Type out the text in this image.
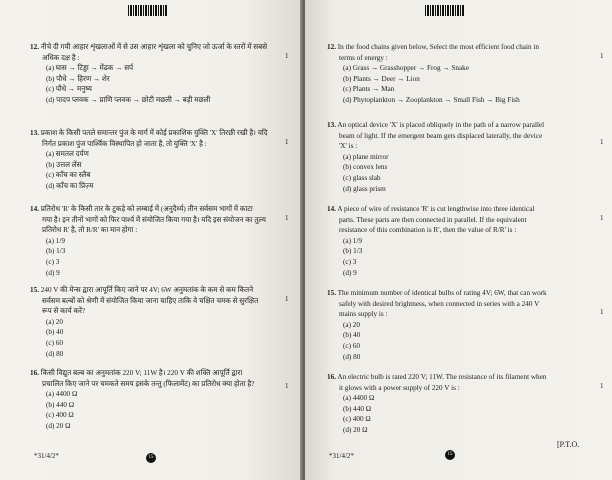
12. नीचे दी गयी आहार शृंखलाओं में से उस आहार शृंखला को चुनिए जो ऊर्जा के स्तरों में सबसे
अधिक दक्ष है :
(a) घास → टिड्डा → मेंढक → सर्प
(b) पौधे → हिरण → शेर
(c) पौधे → मनुष्य
(d) पादप प्लवक → प्राणि प्लवक → छोटी मछली → बड़ी मछली
1
13. प्रकाश के किसी पतले समान्तर पुंज के मार्ग में कोई प्रकाशिक युक्ति 'X' तिरछी रखी है। यदि
निर्गत प्रकाश पुंज पार्श्विक विस्थापित हो जाता है, तो युक्ति 'X' है :
(a) समतल दर्पण
(b) उत्तल लेंस
(c) काँच का स्लैब
(d) काँच का प्रिज़्म
1
14. प्रतिरोध 'R' के किसी तार के टुकड़े को लम्बाई में (अनुदैर्ध्य) तीन सर्वसम भागों में काटा
गया है। इन तीनों भागों को फिर पार्श्व में संयोजित किया गया है। यदि इस संयोजन का तुल्य
प्रतिरोध R' है, तो R/R' का मान होगा :
(a) 1/9
(b) 1/3
(c) 3
(d) 9
1
15. 240 V की मेन्स द्वारा आपूर्ति किए जाने पर 4V; 6W अनुमतांक के कम से कम कितने
सर्वसम बल्बों को श्रेणी में संयोजित किया जाना चाहिए ताकि वे चक्षित चमक से सुरक्षित
रूप से कार्य करें?
(a) 20
(b) 40
(c) 60
(d) 80
1
16. किसी विद्युत बल्ब का अनुमतांक 220 V; 11W है। 220 V की शक्ति आपूर्ति द्वारा
प्रचालित किए जाने पर चमकते समय इसके तन्तु (फिलामेंट) का प्रतिरोध क्या होता है?
(a) 4400 Ω
(b) 440 Ω
(c) 400 Ω
(d) 20 Ω
1
*31/4/2*	15
12. In the food chains given below, Select the most efficient food chain in
terms of energy :
(a) Grass → Grasshopper → Frog → Snake
(b) Plants → Deer → Lion
(c) Plants → Man
(d) Phytoplankton → Zooplankton → Small Fish → Big Fish
1
13. An optical device 'X' is placed obliquely in the path of a narrow parallel
beam of light. If the emergent beam gets displaced laterally, the device
'X' is :
(a) plane mirror
(b) convex lens
(c) glass slab
(d) glass prism
1
14. A piece of wire of resistance 'R' is cut lengthwise into three identical
parts. These parts are then connected in parallel. If the equivalent
resistance of this combination is R', then the value of R/R' is :
(a) 1/9
(b) 1/3
(c) 3
(d) 9
1
15. The minimum number of identical bulbs of rating 4V; 6W, that can work
safely with desired brightness, when connected in series with a 240 V
mains supply is :
(a) 20
(b) 40
(c) 60
(d) 80
1
16. An electric bulb is rated 220 V; 11W. The resistance of its filament when
it glows with a power supply of 220 V is :
(a) 4400 Ω
(b) 440 Ω
(c) 400 Ω
(d) 20 Ω
1
*31/4/2*	15
[P.T.O.
